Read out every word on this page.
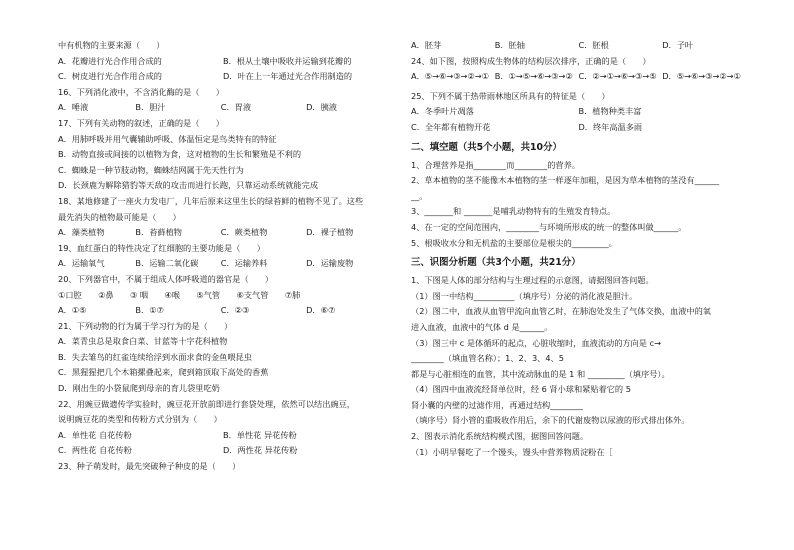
中有机物的主要来源（　　）
A．花瓣进行光合作用合成的	B．根从土壤中吸收并运输到花瓣的
C．树皮进行光合作用合成的	D．叶在上一年通过光合作用制造的
16、下列消化液中，不含消化酶的是（　　）
A．唾液	B．胆汁	C．胃液	D．胰液
17、下列有关动物的叙述，正确的是（　　）
A．用肺呼吸并用气囊辅助呼吸、体温恒定是鸟类特有的特征
B．动物直接或间接的以植物为食，这对植物的生长和繁殖是不利的
C．蜘蛛是一种节肢动物，蜘蛛结网属于先天性行为
D．长颈鹿为解除猎豹等天敌的攻击而进行长跑，只靠运动系统就能完成
18、某地修建了一座火力发电厂，几年后原来这里生长的绿苔鲜的植物不见了。这些
最先消失的植物最可能是（　　）
A．藻类植物	B．苔藓植物	C．蕨类植物	D．裸子植物
19、血红蛋白的特性决定了红细胞的主要功能是（　　）
A．运输氧气	B．运输二氧化碳	C．运输养料	D．运输废物
20、下列器官中，不属于组成人体呼吸道的器官是（　　）
①口腔　　②鼻　　③ 咽　　④喉　　⑤气管　　⑥支气管　　⑦肺
A．①⑤	B．①⑦	C．②③	D．⑥⑦
21、下列动物的行为属于学习行为的是（　　）
A．菜青虫总是取食白菜、甘蓝等十字花科植物
B．失去雏鸟的红雀连续给浮到水面求食的金鱼喂昆虫
C．黑猩猩把几个木箱摞叠起来，爬到箱顶取下高处的香蕉
D．刚出生的小袋鼠爬到母亲的育儿袋里吃奶
22、用豌豆做遗传学实验时，豌豆花开放前即进行套袋处理，依然可以结出豌豆，
说明豌豆花的类型和传粉方式分别为（　　）
A．单性花 自花传粉	B．单性花 异花传粉
C．两性花 自花传粉	D．两性花 异花传粉
23、种子萌发时，最先突破种子种皮的是（　　）
A．胚芽	B．胚轴	C．胚根	D．子叶
24、如下图，按照构成生物体的结构层次排序，正确的是（　　）
A．⑤→⑥→③→②→① B．①→⑤→⑥→③→② C．②→①→⑥→③→⑤ D．⑤→⑥→③→②→①
25、下列不属于热带雨林地区所具有的特征是（　　）
A．冬季叶片凋落	B．植物种类丰富
C．全年都有植物开花	D．终年高温多雨
二、填空题（共5个小题，共10分）
1、合理营养是指________而________的营养。
2、草本植物的茎不能像木本植物的茎一样逐年加粗，是因为草本植物的茎没有______
__。
3、_______和 _______是哺乳动物特有的生殖发育特点。
4、在一定的空间范围内，________与环境所形成的统一的整体叫做______。
5、根吸收水分和无机盐的主要部位是根尖的_________。
三、识图分析题（共3个小题，共21分）
1、下图是人体的部分结构与生理过程的示意图，请据图回答问题。
（1）图一中结构__________（填序号）分泌的消化液是胆汁。
（2）图二中，血液从血管甲流向血管乙时，在肺泡处发生了气体交换，血液中的氧
进入血液，血液中的气体 d 是______。
（3）图三中 c 是体循环的起点，心脏收缩时，血液流动的方向是 c→
________（填血管名称）；1、2、3、4、5
都是与心脏相连的血管，其中流动脉血的是 1 和 _________（填序号）。
（4）图四中血液流经肾单位时，经 6 肾小球和紧贴着它的 5
肾小囊的内壁的过滤作用，再通过结构________
（填序号）肾小管的重吸收作用后，余下的代谢废物以尿液的形式排出体外。
2、图表示消化系统结构模式图，据图回答问题。
（1）小明早餐吃了一个馒头，馒头中营养物质淀粉在［
